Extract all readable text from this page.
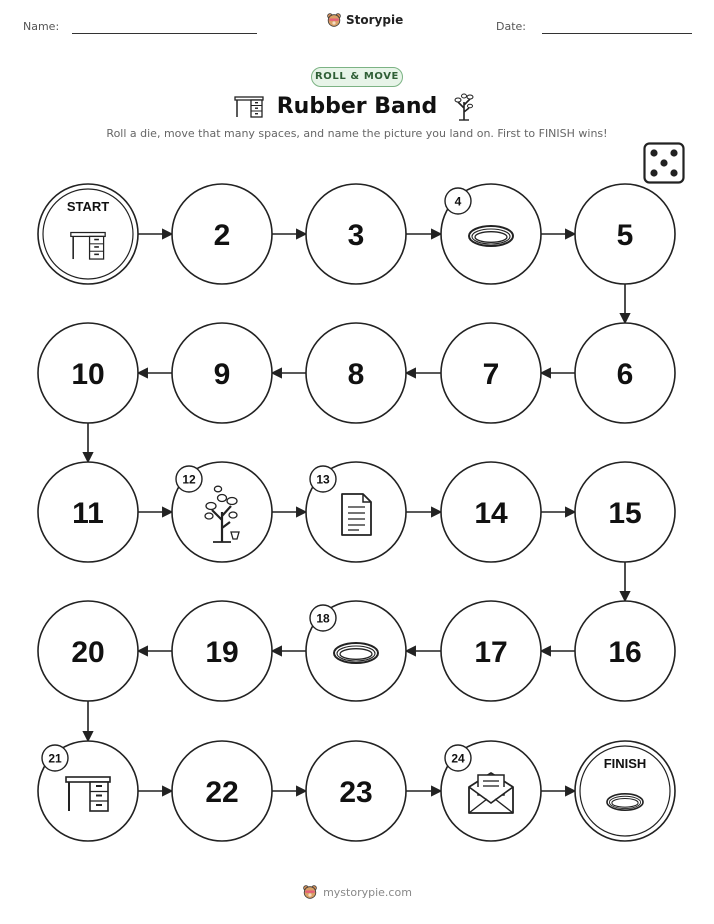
Name:	Storypie	Date:
ROLL & MOVE
Rubber Band
Roll a die, move that many spaces, and name the picture you land on. First to FINISH wins!
START
2	3
4
5
6
7
8
9
10
11
12	13
14	15
16
17
18
19
20
21
22	23
24	FINISH
mystorypie.com
